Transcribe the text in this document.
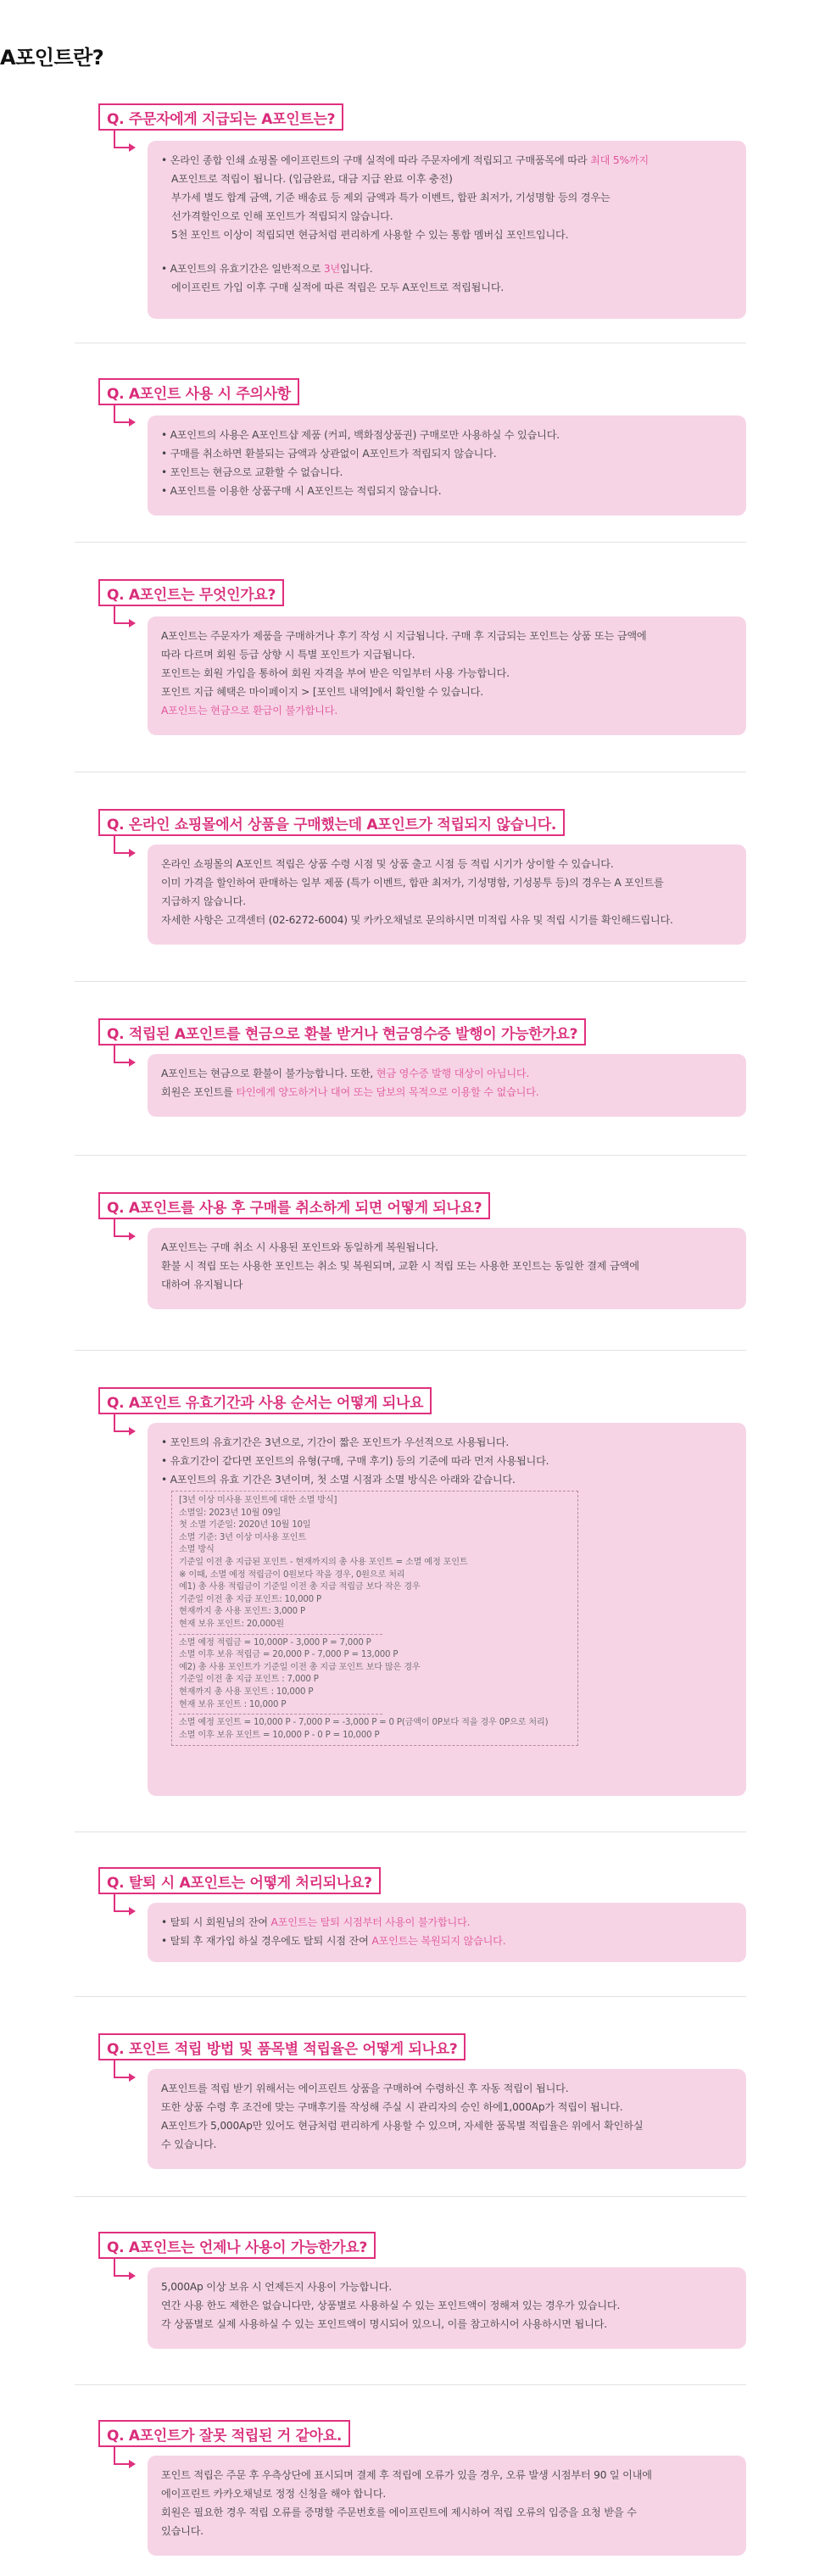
A포인트란?
Q. 주문자에게 지급되는 A포인트는?

• 온라인 종합 인쇄 쇼핑몰 에이프린트의 구매 실적에 따라 주문자에게 적립되고 구매품목에 따라 최대 5%까지

A포인트로 적립이 됩니다. (입금완료, 대금 지급 완료 이후 충전)

부가세 별도 합계 금액, 기준 배송료 등 제외 금액과 특가 이벤트, 합판 최저가, 기성명함 등의 경우는

선가격할인으로 인해 포인트가 적립되지 않습니다.

5천 포인트 이상이 적립되면 현금처럼 편리하게 사용할 수 있는 통합 멤버십 포인트입니다.

• A포인트의 유효기간은 일반적으로 3년입니다.

에이프린트 가입 이후 구매 실적에 따른 적립은 모두 A포인트로 적립됩니다.

Q. A포인트 사용 시 주의사항

• A포인트의 사용은 A포인트샵 제품 (커피, 백화점상품권) 구매로만 사용하실 수 있습니다.

• 구매를 취소하면 환불되는 금액과 상관없이 A포인트가 적립되지 않습니다.

• 포인트는 현금으로 교환할 수 없습니다.

• A포인트를 이용한 상품구매 시 A포인트는 적립되지 않습니다.

Q. A포인트는 무엇인가요?

A포인트는 주문자가 제품을 구매하거나 후기 작성 시 지급됩니다. 구매 후 지급되는 포인트는 상품 또는 금액에

따라 다르며 회원 등급 상향 시 특별 포인트가 지급됩니다.

포인트는 회원 가입을 통하여 회원 자격을 부여 받은 익일부터 사용 가능합니다.

포인트 지급 혜택은 마이페이지 > [포인트 내역]에서 확인할 수 있습니다.

A포인트는 현금으로 환급이 불가합니다.

Q. 온라인 쇼핑몰에서 상품을 구매했는데 A포인트가 적립되지 않습니다.

온라인 쇼핑몰의 A포인트 적립은 상품 수령 시점 및 상품 출고 시점 등 적립 시기가 상이할 수 있습니다.

이미 가격을 할인하여 판매하는 일부 제품 (특가 이벤트, 합판 최저가, 기성명함, 기성봉투 등)의 경우는 A 포인트를

지급하지 않습니다.

자세한 사항은 고객센터 (02-6272-6004) 및 카카오채널로 문의하시면 미적립 사유 및 적립 시기를 확인해드립니다.

Q. 적립된 A포인트를 현금으로 환불 받거나 현금영수증 발행이 가능한가요?

A포인트는 현금으로 환불이 불가능합니다. 또한, 현금 영수증 발행 대상이 아닙니다.

회원은 포인트를 타인에게 양도하거나 대여 또는 담보의 목적으로 이용할 수 없습니다.

Q. A포인트를 사용 후 구매를 취소하게 되면 어떻게 되나요?

A포인트는 구매 취소 시 사용된 포인트와 동일하게 복원됩니다.

환불 시 적립 또는 사용한 포인트는 취소 및 복원되며, 교환 시 적립 또는 사용한 포인트는 동일한 결제 금액에

대하여 유지됩니다

Q. A포인트 유효기간과 사용 순서는 어떻게 되나요

• 포인트의 유효기간은 3년으로, 기간이 짧은 포인트가 우선적으로 사용됩니다.

• 유효기간이 같다면 포인트의 유형(구매, 구매 후기) 등의 기준에 따라 먼저 사용됩니다.

• A포인트의 유효 기간은 3년이며, 첫 소멸 시점과 소멸 방식은 아래와 같습니다.

[3년 이상 미사용 포인트에 대한 소멸 방식]
소멸일: 2023년 10월 09일
첫 소멸 기준일: 2020년 10월 10일
소멸 기준: 3년 이상 미사용 포인트
소멸 방식
기준일 이전 총 지급된 포인트 - 현재까지의 총 사용 포인트 = 소멸 예정 포인트
※ 이때, 소멸 예정 적립금이 0원보다 작을 경우, 0원으로 처리
예1) 총 사용 적립금이 기준일 이전 총 지급 적립금 보다 작은 경우
기준일 이전 총 지급 포인트: 10,000 P
현재까지 총 사용 포인트: 3,000 P
현재 보유 포인트: 20,000원
소멸 예정 적립금 = 10,000P - 3,000 P = 7,000 P
소멸 이후 보유 적립금 = 20,000 P - 7,000 P = 13,000 P
예2) 총 사용 포인트가 기준일 이전 총 지급 포인트 보다 많은 경우
기준일 이전 총 지급 포인트 : 7,000 P
현재까지 총 사용 포인트 : 10,000 P
현재 보유 포인트 : 10,000 P
소멸 예정 포인트 = 10,000 P - 7,000 P = -3,000 P = 0 P(금액이 0P보다 적을 경우 0P으로 처리)
소멸 이후 보유 포인트 = 10,000 P - 0 P = 10,000 P
Q. 탈퇴 시 A포인트는 어떻게 처리되나요?

• 탈퇴 시 회원님의 잔여 A포인트는 탈퇴 시점부터 사용이 불가합니다.

• 탈퇴 후 재가입 하실 경우에도 탈퇴 시점 잔여 A포인트는 복원되지 않습니다.

Q. 포인트 적립 방법 및 품목별 적립율은 어떻게 되나요?

A포인트를 적립 받기 위해서는 에이프린트 상품을 구매하여 수령하신 후 자동 적립이 됩니다.

또한 상품 수령 후 조건에 맞는 구매후기를 작성해 주실 시 관리자의 승인 하에1,000Ap가 적립이 됩니다.

A포인트가 5,000Ap만 있어도 현금처럼 편리하게 사용할 수 있으며, 자세한 품목별 적립율은 위에서 확인하실

수 있습니다.

Q. A포인트는 언제나 사용이 가능한가요?

5,000Ap 이상 보유 시 언제든지 사용이 가능합니다.

연간 사용 한도 제한은 없습니다만, 상품별로 사용하실 수 있는 포인트액이 정해져 있는 경우가 있습니다.

각 상품별로 실제 사용하실 수 있는 포인트액이 명시되어 있으니, 이를 참고하시어 사용하시면 됩니다.

Q. A포인트가 잘못 적립된 거 같아요.

포인트 적립은 주문 후 우측상단에 표시되며 결제 후 적립에 오류가 있을 경우, 오류 발생 시점부터 90 일 이내에

에이프린트 카카오채널로 정정 신청을 해야 합니다.

회원은 필요한 경우 적립 오류를 증명할 주문번호를 에이프린트에 제시하여 적립 오류의 입증을 요청 받을 수

있습니다.
